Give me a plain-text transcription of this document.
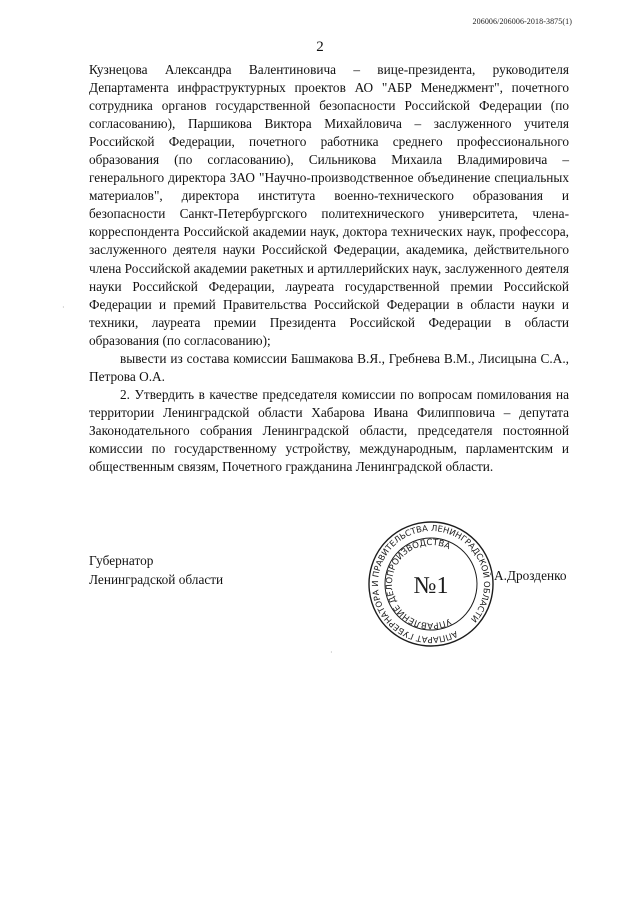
206006/206006-2018-3875(1)
2

Кузнецова Александра Валентиновича – вице-президента, руководителя Департамента инфраструктурных проектов АО "АБР Менеджмент", почетного сотрудника органов государственной безопасности Российской Федерации (по согласованию), Паршикова Виктора Михайловича – заслуженного учителя Российской Федерации, почетного работника среднего профессионального образования (по согласованию), Сильникова Михаила Владимировича – генерального директора ЗАО "Научно-производственное объединение специальных материалов", директора института военно-технического образования и безопасности Санкт-Петербургского политехнического университета, члена-корреспондента Российской академии наук, доктора технических наук, профессора, заслуженного деятеля науки Российской Федерации, академика, действительного члена Российской академии ракетных и артиллерийских наук, заслуженного деятеля науки Российской Федерации, лауреата государственной премии Российской Федерации и премий Правительства Российской Федерации в области науки и техники, лауреата премии Президента Российской Федерации в области образования (по согласованию);

вывести из состава комиссии Башмакова В.Я., Гребнева В.М., Лисицына С.А., Петрова О.А.

2. Утвердить в качестве председателя комиссии по вопросам помилования на территории Ленинградской области Хабарова Ивана Филипповича – депутата Законодательного собрания Ленинградской области, председателя постоянной комиссии по государственному устройству, международным, парламентским и общественным связям, Почетного гражданина Ленинградской области.

·
·
Губернатор
Ленинградской области	А.Дрозденко
АППАРАТ ГУБЕРНАТОРА И ПРАВИТЕЛЬСТВА ЛЕНИНГРАДСКОЙ ОБЛАСТИ
УПРАВЛЕНИЕ ДЕЛОПРОИЗВОДСТВА
№1
